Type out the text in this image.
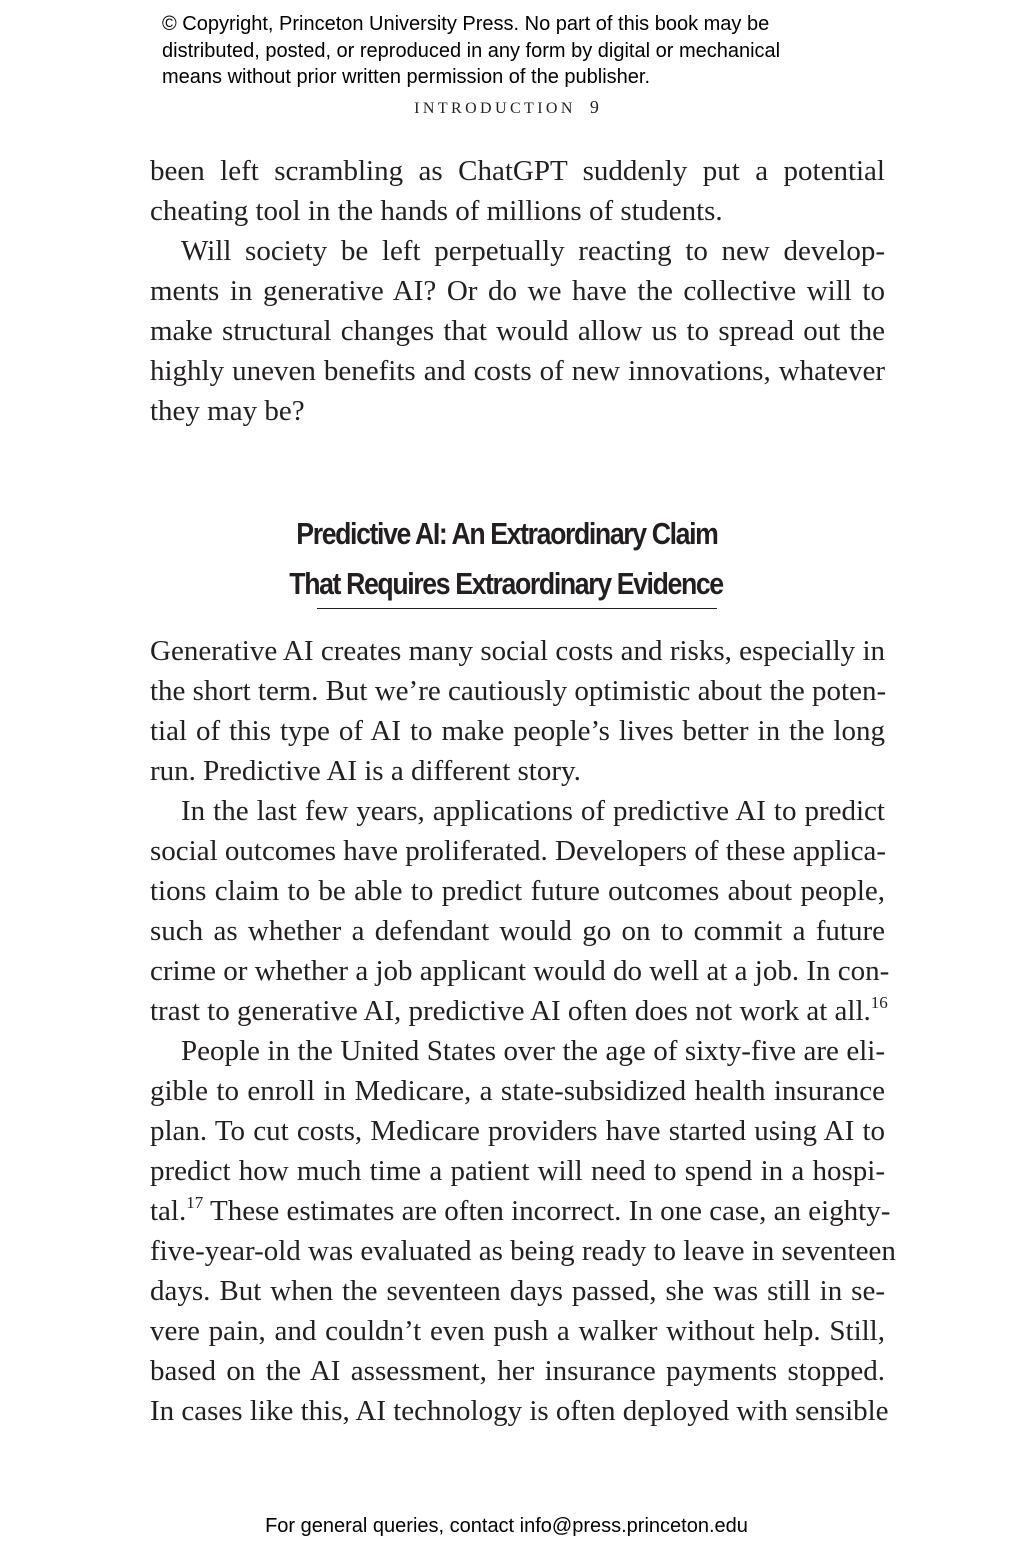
© Copyright, Princeton University Press. No part of this book may be
distributed, posted, or reproduced in any form by digital or mechanical
means without prior written permission of the publisher.
INTRODUCTION 9
been left scrambling as ChatGPT suddenly put a potential
cheating tool in the hands of millions of students.
Will society be left perpetually reacting to new develop-
ments in generative AI? Or do we have the collective will to
make structural changes that would allow us to spread out the
highly uneven benefits and costs of new innovations, whatever
they may be?
Predictive AI: An Extraordinary Claim
That Requires Extraordinary Evidence
Generative AI creates many social costs and risks, especially in
the short term. But we’re cautiously optimistic about the poten-
tial of this type of AI to make people’s lives better in the long
run. Predictive AI is a different story.
In the last few years, applications of predictive AI to predict
social outcomes have proliferated. Developers of these applica-
tions claim to be able to predict future outcomes about people,
such as whether a defendant would go on to commit a future
crime or whether a job applicant would do well at a job. In con-
trast to generative AI, predictive AI often does not work at all.$^{16}$
People in the United States over the age of sixty-five are eli-
gible to enroll in Medicare, a state-subsidized health insurance
plan. To cut costs, Medicare providers have started using AI to
predict how much time a patient will need to spend in a hospi-
tal.$^{17}$ These estimates are often incorrect. In one case, an eighty-
five-year-old was evaluated as being ready to leave in seventeen
days. But when the seventeen days passed, she was still in se-
vere pain, and couldn’t even push a walker without help. Still,
based on the AI assessment, her insurance payments stopped.
In cases like this, AI technology is often deployed with sensible
For general queries, contact info@press.princeton.edu
